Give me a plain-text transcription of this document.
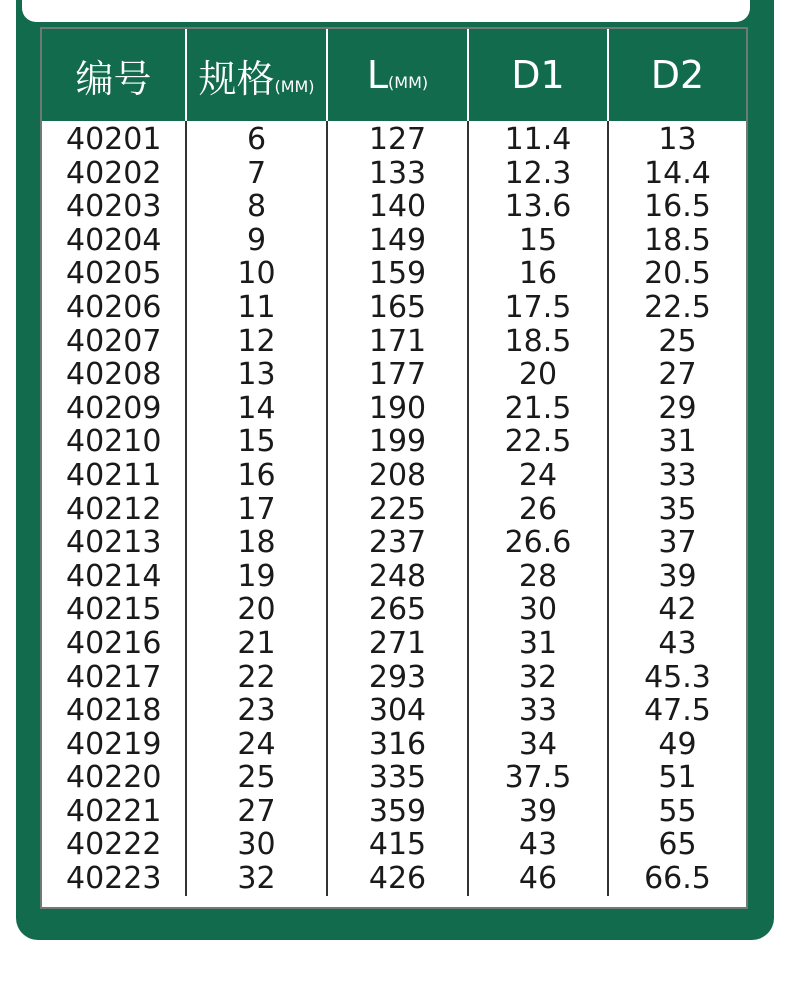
编号	规格(MM)	L(MM)	D1	D2
40201	6	127	11.4	13
40202	7	133	12.3	14.4
40203	8	140	13.6	16.5
40204	9	149	15	18.5
40205	10	159	16	20.5
40206	11	165	17.5	22.5
40207	12	171	18.5	25
40208	13	177	20	27
40209	14	190	21.5	29
40210	15	199	22.5	31
40211	16	208	24	33
40212	17	225	26	35
40213	18	237	26.6	37
40214	19	248	28	39
40215	20	265	30	42
40216	21	271	31	43
40217	22	293	32	45.3
40218	23	304	33	47.5
40219	24	316	34	49
40220	25	335	37.5	51
40221	27	359	39	55
40222	30	415	43	65
40223	32	426	46	66.5
